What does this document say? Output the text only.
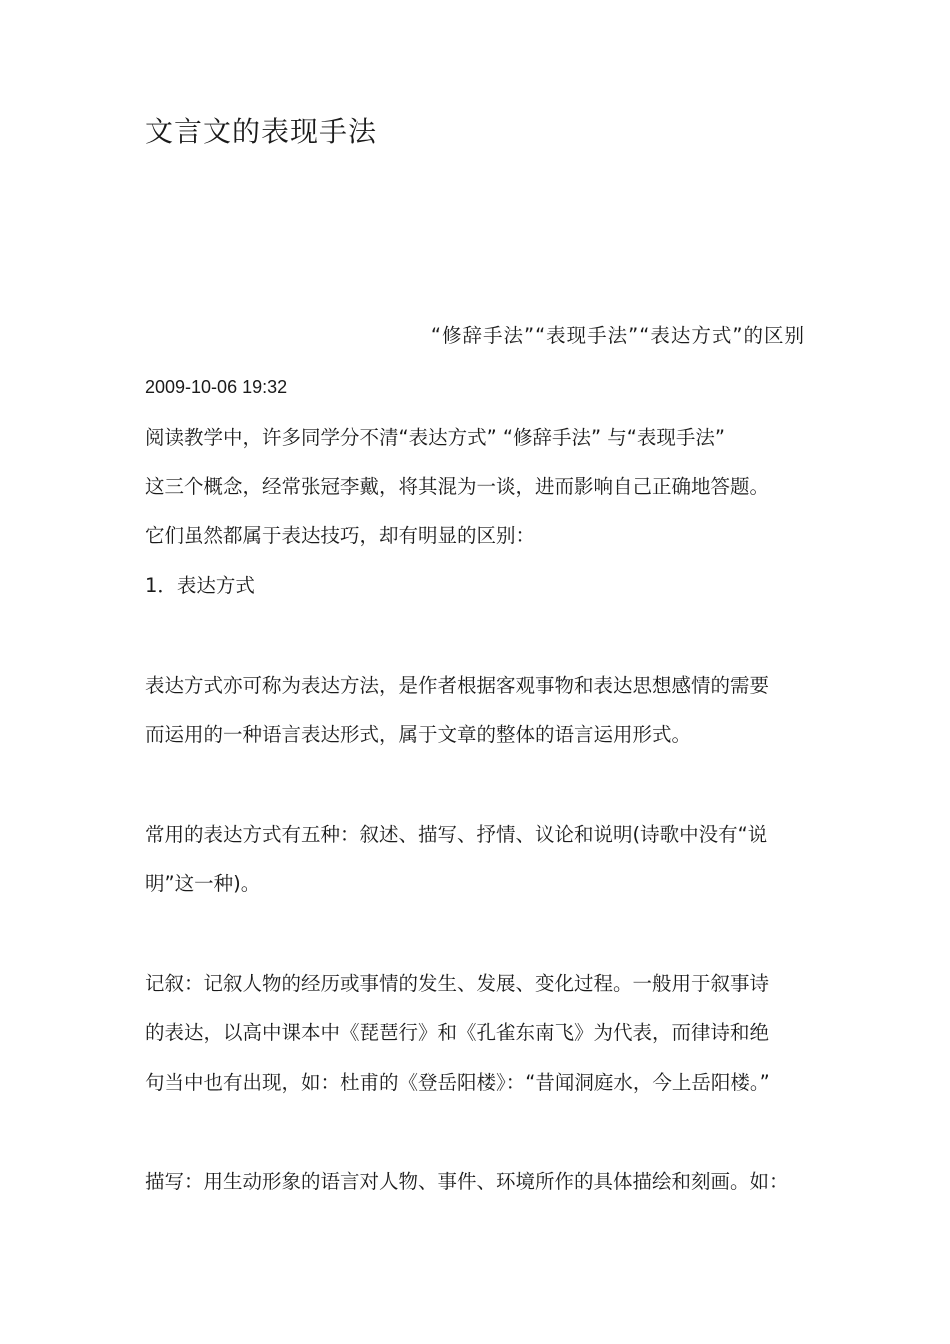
文言文的表现手法
“修辞手法”“表现手法”“表达方式”的区别
2009-10-06 19:32
阅读教学中，许多同学分不清“表达方式” “修辞手法” 与“表现手法”
这三个概念，经常张冠李戴，将其混为一谈，进而影响自己正确地答题。
它们虽然都属于表达技巧，却有明显的区别：
1．表达方式
表达方式亦可称为表达方法，是作者根据客观事物和表达思想感情的需要
而运用的一种语言表达形式，属于文章的整体的语言运用形式。
常用的表达方式有五种：叙述、描写、抒情、议论和说明(诗歌中没有“说
明”这一种)。
记叙：记叙人物的经历或事情的发生、发展、变化过程。一般用于叙事诗
的表达，以高中课本中《琵琶行》和《孔雀东南飞》为代表，而律诗和绝
句当中也有出现，如：杜甫的《登岳阳楼》：“昔闻洞庭水，今上岳阳楼。”
描写：用生动形象的语言对人物、事件、环境所作的具体描绘和刻画。如：
